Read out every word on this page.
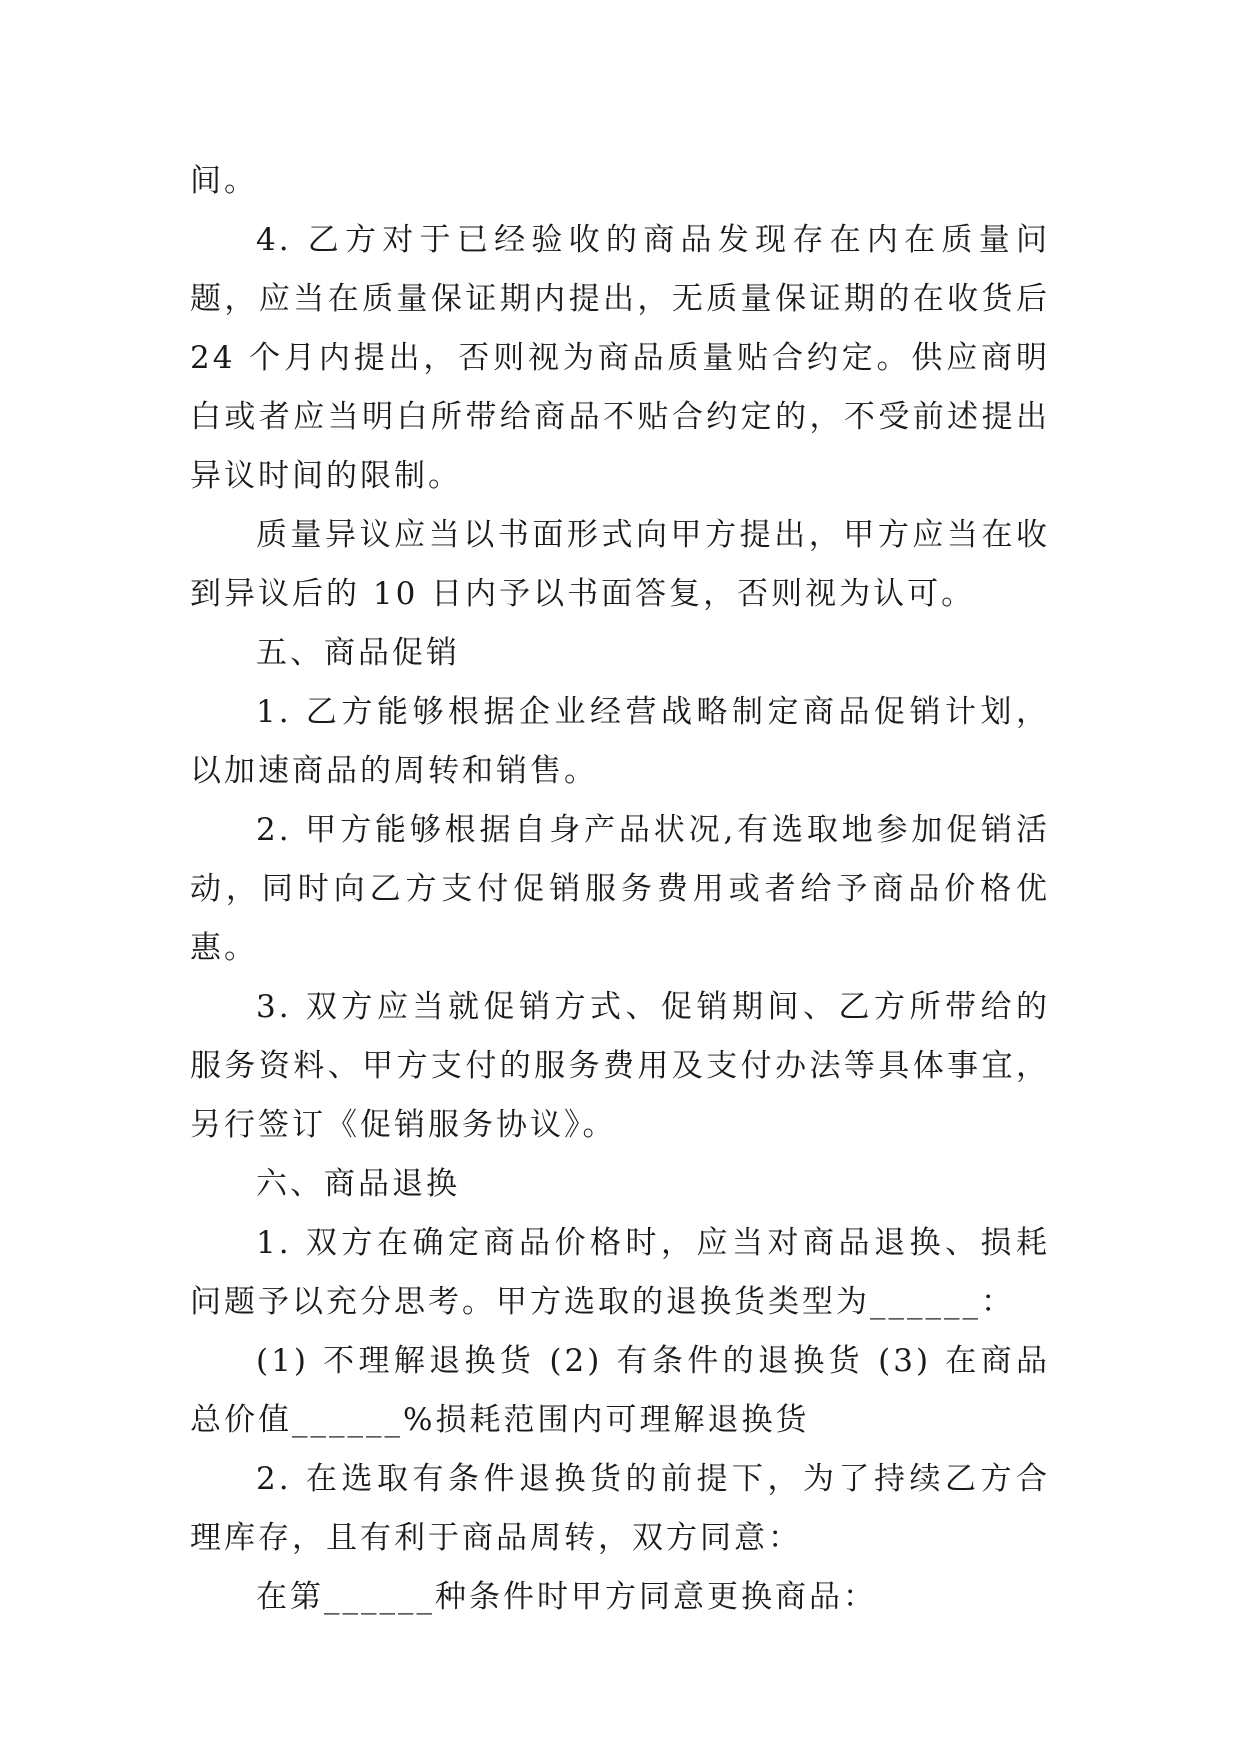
间。

4. 乙方对于已经验收的商品发现存在内在质量问题，应当在质量保证期内提出，无质量保证期的在收货后 24 个月内提出，否则视为商品质量贴合约定。供应商明白或者应当明白所带给商品不贴合约定的，不受前述提出异议时间的限制。

质量异议应当以书面形式向甲方提出，甲方应当在收到异议后的 10 日内予以书面答复，否则视为认可。

五、商品促销

1. 乙方能够根据企业经营战略制定商品促销计划，以加速商品的周转和销售。

2. 甲方能够根据自身产品状况,有选取地参加促销活动，同时向乙方支付促销服务费用或者给予商品价格优惠。

3. 双方应当就促销方式、促销期间、乙方所带给的服务资料、甲方支付的服务费用及支付办法等具体事宜，另行签订《促销服务协议》。

六、商品退换

1. 双方在确定商品价格时，应当对商品退换、损耗问题予以充分思考。甲方选取的退换货类型为______：

(1) 不理解退换货 (2) 有条件的退换货 (3) 在商品总价值______%损耗范围内可理解退换货

2. 在选取有条件退换货的前提下，为了持续乙方合理库存，且有利于商品周转，双方同意：

在第______种条件时甲方同意更换商品：
